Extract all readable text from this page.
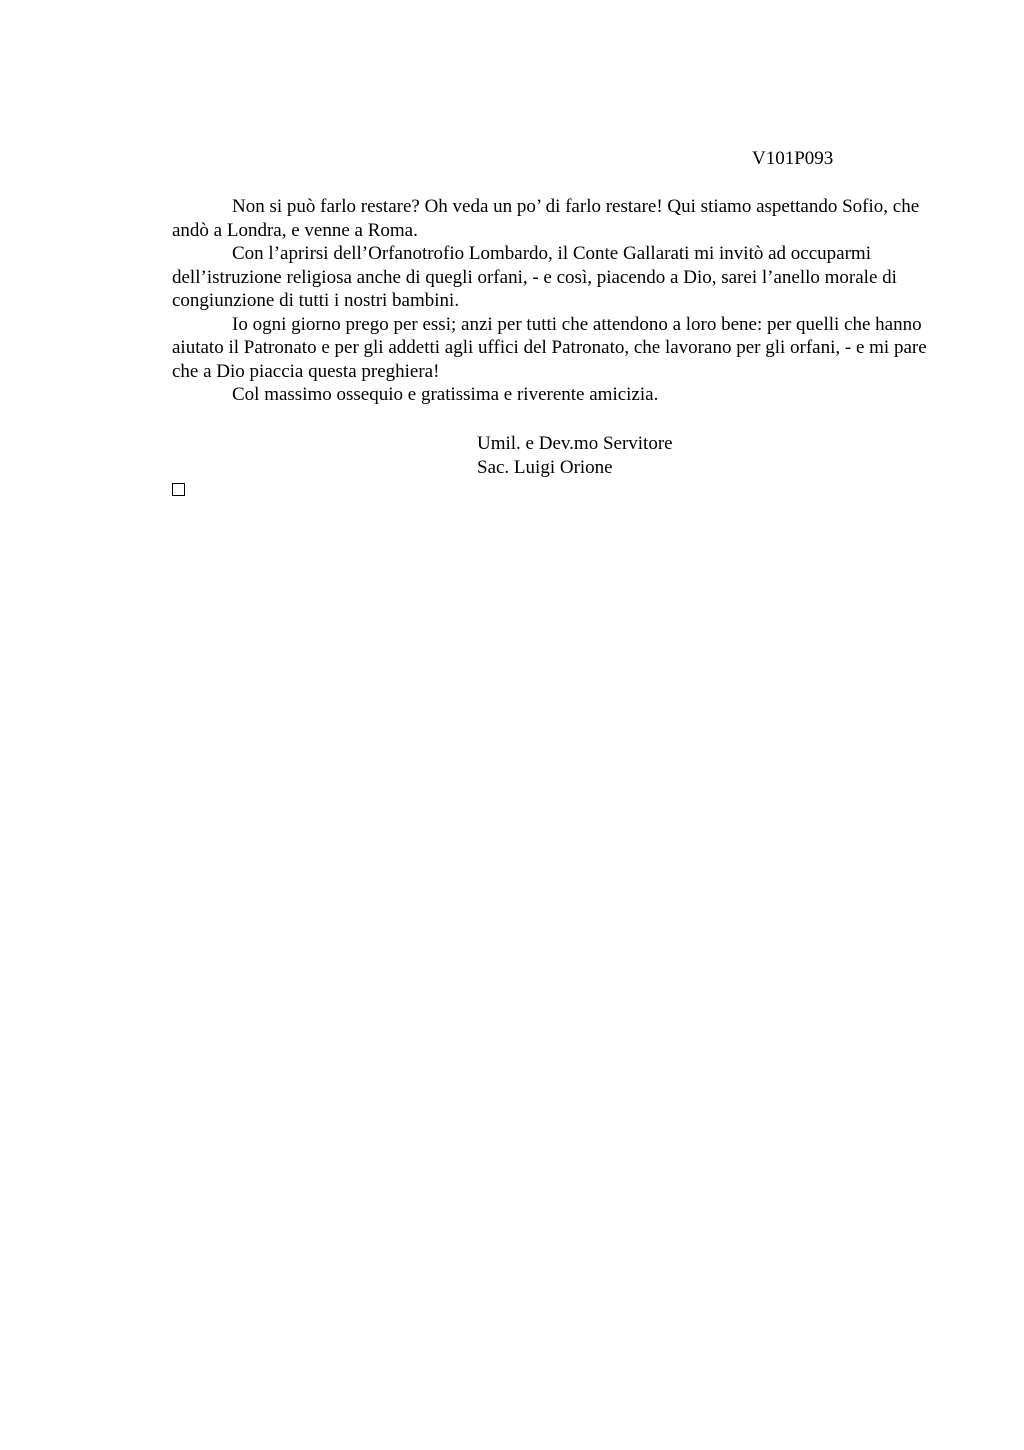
V101P093

Non si può farlo restare? Oh veda un po’ di farlo restare! Qui stiamo aspettando Sofio, che andò a Londra, e venne a Roma.

Con l’aprirsi dell’Orfanotrofio Lombardo, il Conte Gallarati mi invitò ad occuparmi dell’istruzione religiosa anche di quegli orfani, - e così, piacendo a Dio, sarei l’anello morale di congiunzione di tutti i nostri bambini.

Io ogni giorno prego per essi; anzi per tutti che attendono a loro bene: per quelli che hanno aiutato il Patronato e per gli addetti agli uffici del Patronato, che lavorano per gli orfani, - e mi pare che a Dio piaccia questa preghiera!

Col massimo ossequio e gratissima e riverente amicizia.

Umil. e Dev.mo Servitore
Sac. Luigi Orione
